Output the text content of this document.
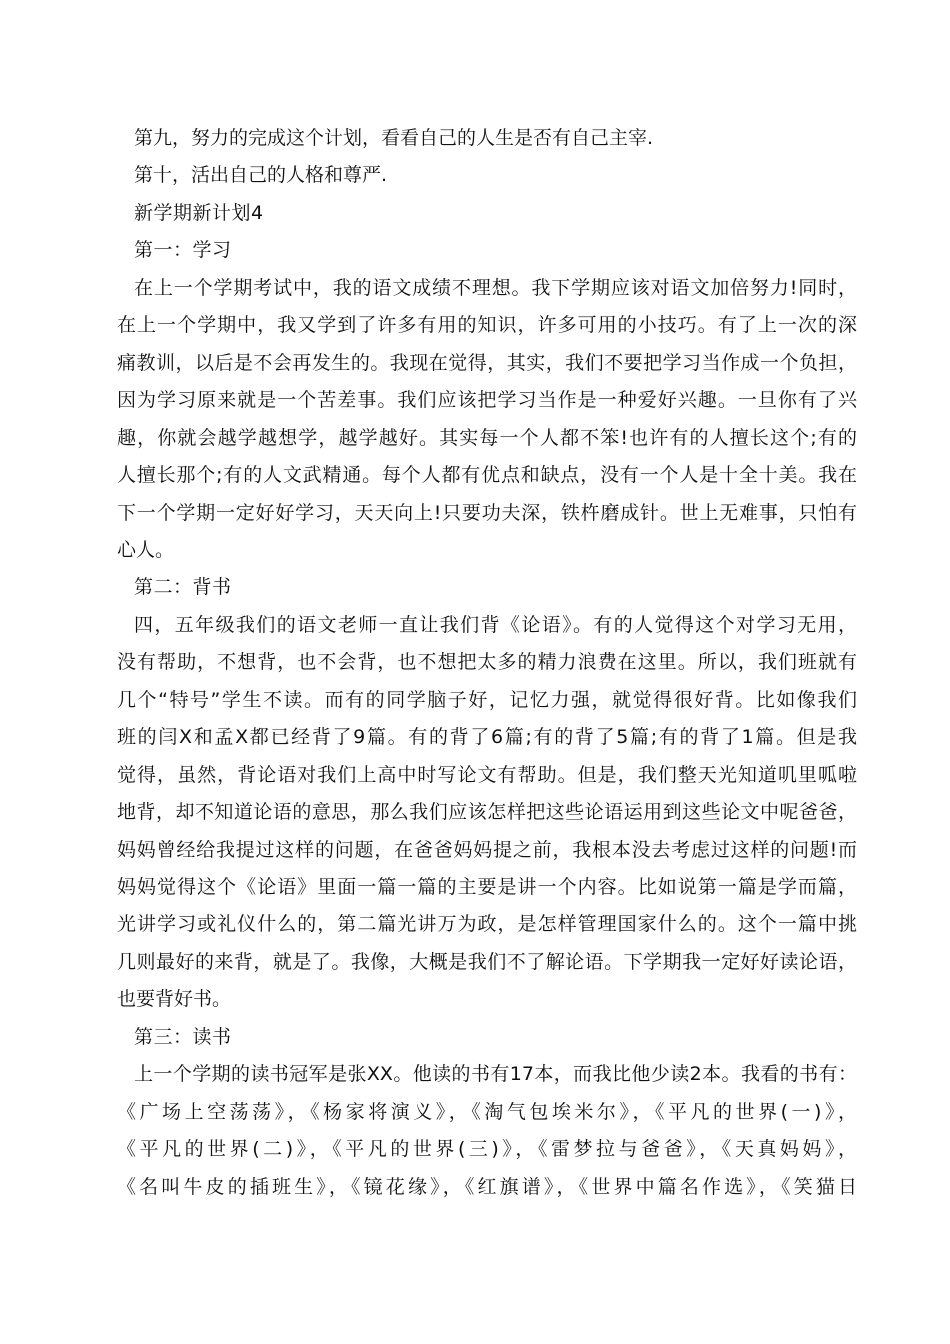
第九，努力的完成这个计划，看看自己的人生是否有自己主宰.
第十，活出自己的人格和尊严.
新学期新计划4
第一：学习
在上一个学期考试中，我的语文成绩不理想。我下学期应该对语文加倍努力!同时，
在上一个学期中，我又学到了许多有用的知识，许多可用的小技巧。有了上一次的深
痛教训，以后是不会再发生的。我现在觉得，其实，我们不要把学习当作成一个负担，
因为学习原来就是一个苦差事。我们应该把学习当作是一种爱好兴趣。一旦你有了兴
趣，你就会越学越想学，越学越好。其实每一个人都不笨!也许有的人擅长这个;有的
人擅长那个;有的人文武精通。每个人都有优点和缺点，没有一个人是十全十美。我在
下一个学期一定好好学习，天天向上!只要功夫深，铁杵磨成针。世上无难事，只怕有
心人。
第二：背书
四，五年级我们的语文老师一直让我们背《论语》。有的人觉得这个对学习无用，
没有帮助，不想背，也不会背，也不想把太多的精力浪费在这里。所以，我们班就有
几个“特号”学生不读。而有的同学脑子好，记忆力强，就觉得很好背。比如像我们
班的闫X和孟X都已经背了9篇。有的背了6篇;有的背了5篇;有的背了1篇。但是我
觉得，虽然，背论语对我们上高中时写论文有帮助。但是，我们整天光知道叽里呱啦
地背，却不知道论语的意思，那么我们应该怎样把这些论语运用到这些论文中呢爸爸，
妈妈曾经给我提过这样的问题，在爸爸妈妈提之前，我根本没去考虑过这样的问题!而
妈妈觉得这个《论语》里面一篇一篇的主要是讲一个内容。比如说第一篇是学而篇，
光讲学习或礼仪什么的，第二篇光讲万为政，是怎样管理国家什么的。这个一篇中挑
几则最好的来背，就是了。我像，大概是我们不了解论语。下学期我一定好好读论语，
也要背好书。
第三：读书
上一个学期的读书冠军是张XX。他读的书有17本，而我比他少读2本。我看的书有：
《广场上空荡荡》，《杨家将演义》，《淘气包埃米尔》，《平凡的世界(一)》，
《平凡的世界(二)》，《平凡的世界(三)》，《雷梦拉与爸爸》，《天真妈妈》，
《名叫牛皮的插班生》，《镜花缘》，《红旗谱》，《世界中篇名作选》，《笑猫日
